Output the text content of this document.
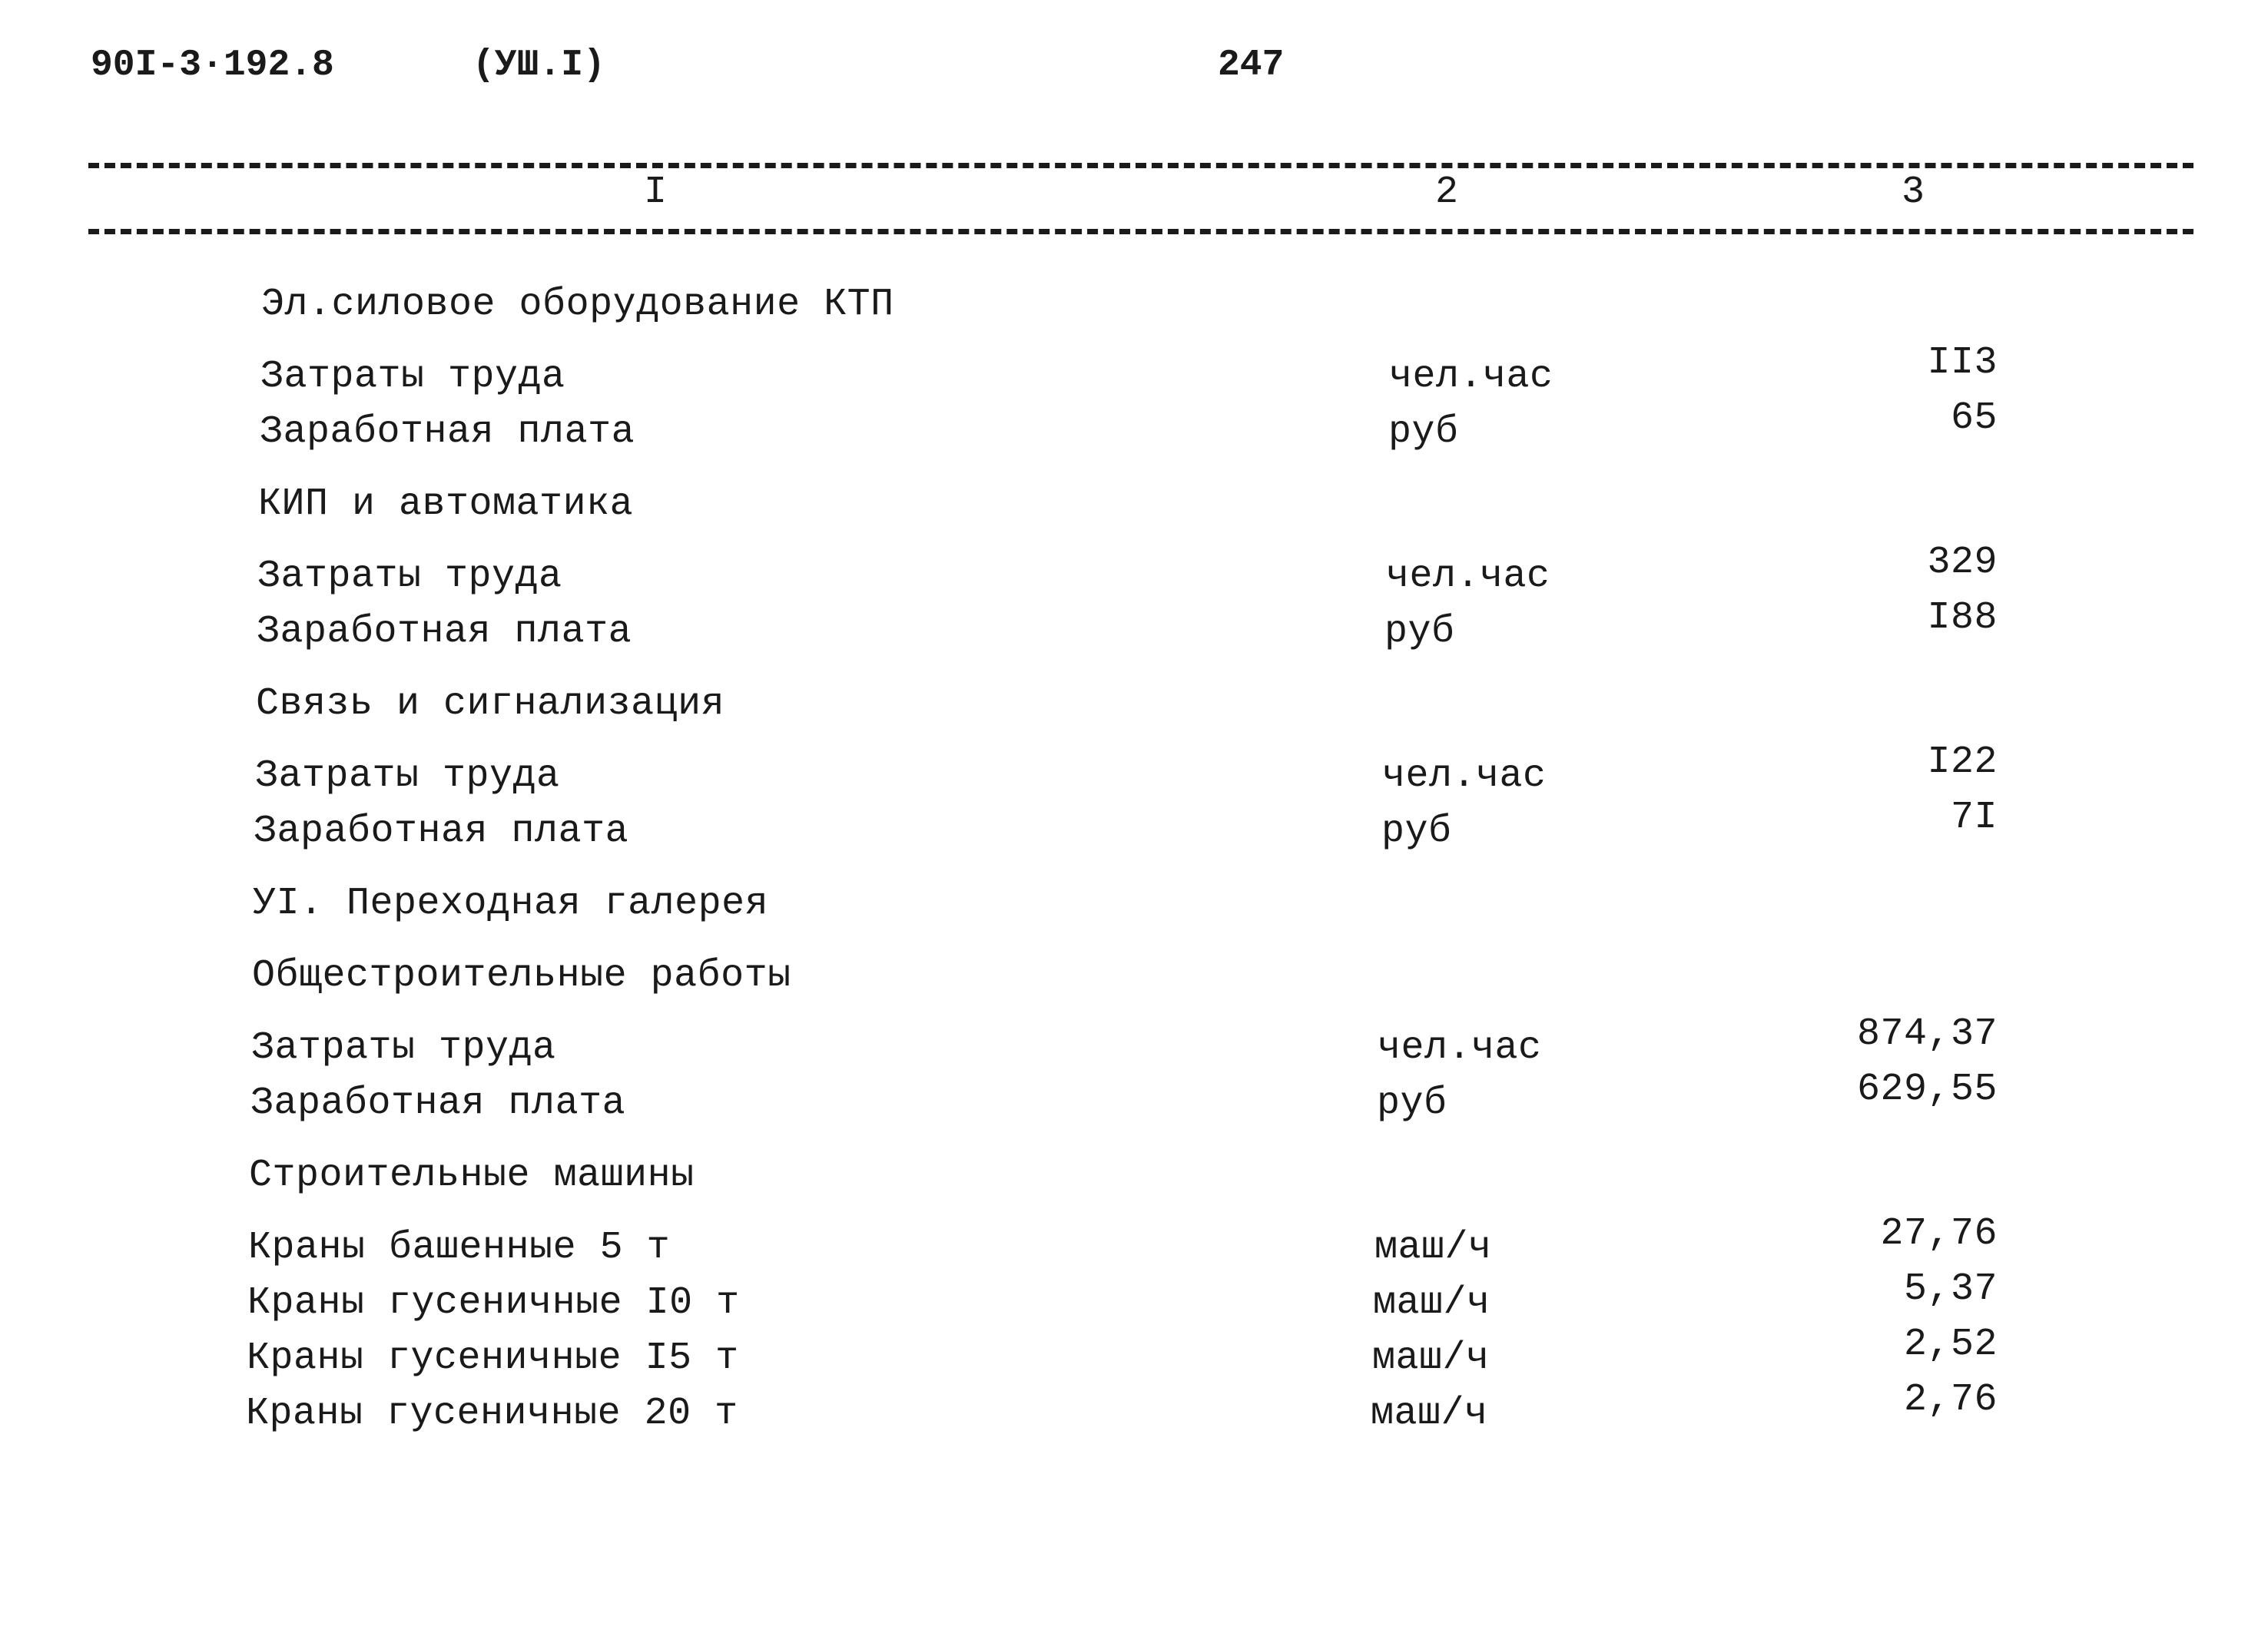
90I-3·192.8	(УШ.I)	247
I	2	3
Эл.силовое оборудование КТП
Затраты труда	чел.час	II3
Заработная плата	руб	65
КИП и автоматика
Затраты труда	чел.час	329
Заработная плата	руб	I88
Связь и сигнализация
Затраты труда	чел.час	I22
Заработная плата	руб	7I
УI. Переходная галерея
Общестроительные работы
Затраты труда	чел.час	874,37
Заработная плата	руб	629,55
Строительные машины
Краны башенные 5 т	маш/ч	27,76
Краны гусеничные I0 т	маш/ч	5,37
Краны гусеничные I5 т	маш/ч	2,52
Краны гусеничные 20 т	маш/ч	2,76
